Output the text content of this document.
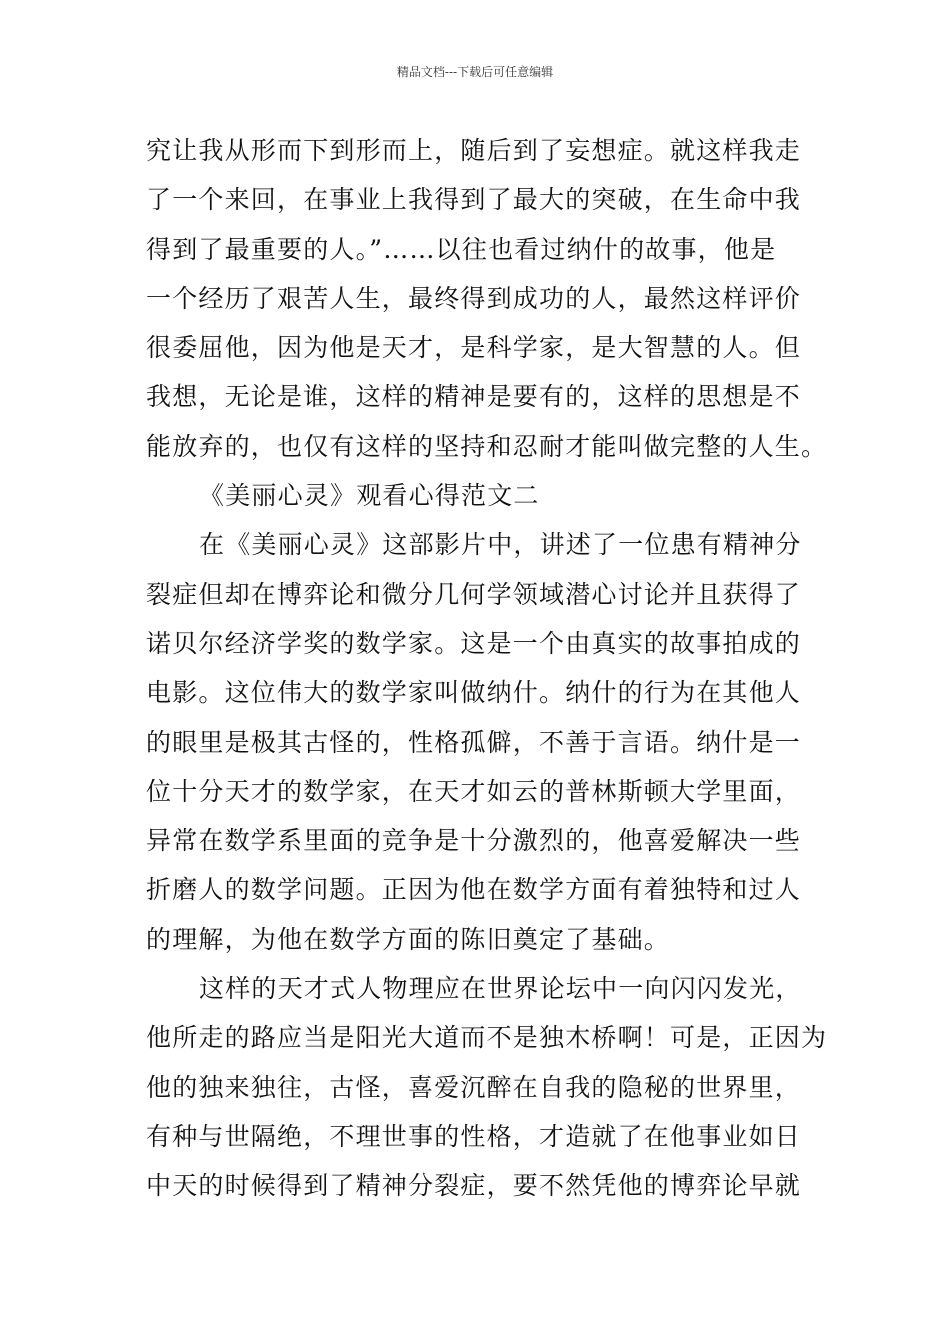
精品文档---下载后可任意编辑
究让我从形而下到形而上，随后到了妄想症。就这样我走
了一个来回，在事业上我得到了最大的突破，在生命中我
得到了最重要的人。”……以往也看过纳什的故事，他是
一个经历了艰苦人生，最终得到成功的人，最然这样评价
很委屈他，因为他是天才，是科学家，是大智慧的人。但
我想，无论是谁，这样的精神是要有的，这样的思想是不
能放弃的，也仅有这样的坚持和忍耐才能叫做完整的人生。
《美丽心灵》观看心得范文二
在《美丽心灵》这部影片中，讲述了一位患有精神分
裂症但却在博弈论和微分几何学领域潜心讨论并且获得了
诺贝尔经济学奖的数学家。这是一个由真实的故事拍成的
电影。这位伟大的数学家叫做纳什。纳什的行为在其他人
的眼里是极其古怪的，性格孤僻，不善于言语。纳什是一
位十分天才的数学家，在天才如云的普林斯顿大学里面，
异常在数学系里面的竞争是十分激烈的，他喜爱解决一些
折磨人的数学问题。正因为他在数学方面有着独特和过人
的理解，为他在数学方面的陈旧奠定了基础。
这样的天才式人物理应在世界论坛中一向闪闪发光，
他所走的路应当是阳光大道而不是独木桥啊！可是，正因为
他的独来独往，古怪，喜爱沉醉在自我的隐秘的世界里，
有种与世隔绝，不理世事的性格，才造就了在他事业如日
中天的时候得到了精神分裂症，要不然凭他的博弈论早就
